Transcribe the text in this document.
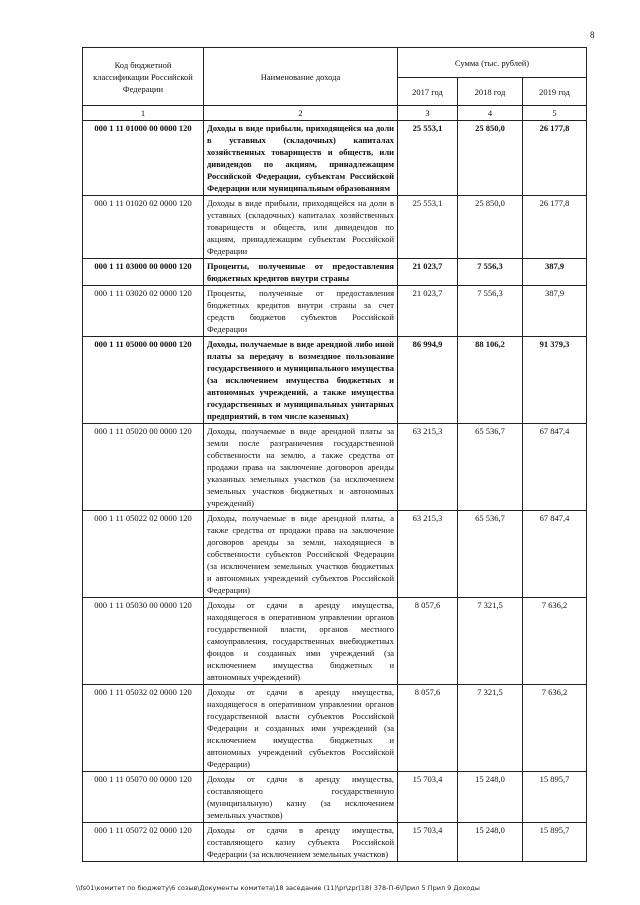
8
Код бюджетной классификации Российской Федерации	Наименование дохода	Сумма (тыс. рублей)		
		2017 год	2018 год	2019 год
1	2	3	4	5
000 1 11 01000 00 0000 120	Доходы в виде прибыли, приходящейся на доли в уставных (складочных) капиталах хозяйственных товариществ и обществ, или дивидендов по акциям, принадлежащим Российской Федерации, субъектам Российской Федерации или муниципальным образованиям	25 553,1	25 850,0	26 177,8
000 1 11 01020 02 0000 120	Доходы в виде прибыли, приходящейся на доли в уставных (складочных) капиталах хозяйственных товариществ и обществ, или дивидендов по акциям, принадлежащим субъектам Российской Федерации	25 553,1	25 850,0	26 177,8
000 1 11 03000 00 0000 120	Проценты, полученные от предоставления бюджетных кредитов внутри страны	21 023,7	7 556,3	387,9
000 1 11 03020 02 0000 120	Проценты, полученные от предоставления бюджетных кредитов внутри страны за счет средств бюджетов субъектов Российской Федерации	21 023,7	7 556,3	387,9
000 1 11 05000 00 0000 120	Доходы, получаемые в виде арендной либо иной платы за передачу в возмездное пользование государственного и муниципального имущества (за исключением имущества бюджетных и автономных учреждений, а также имущества государственных и муниципальных унитарных предприятий, в том числе казенных)	86 994,9	88 106,2	91 379,3
000 1 11 05020 00 0000 120	Доходы, получаемые в виде арендной платы за земли после разграничения государственной собственности на землю, а также средства от продажи права на заключение договоров аренды указанных земельных участков (за исключением земельных участков бюджетных и автономных учреждений)	63 215,3	65 536,7	67 847,4
000 1 11 05022 02 0000 120	Доходы, получаемые в виде арендной платы, а также средства от продажи права на заключение договоров аренды за земли, находящиеся в собственности субъектов Российской Федерации (за исключением земельных участков бюджетных и автономных учреждений субъектов Российской Федерации)	63 215,3	65 536,7	67 847,4
000 1 11 05030 00 0000 120	Доходы от сдачи в аренду имущества, находящегося в оперативном управлении органов государственной власти, органов местного самоуправления, государственных внебюджетных фондов и созданных ими учреждений (за исключением имущества бюджетных и автономных учреждений)	8 057,6	7 321,5	7 636,2
000 1 11 05032 02 0000 120	Доходы от сдачи в аренду имущества, находящегося в оперативном управлении органов государственной власти субъектов Российской Федерации и созданных ими учреждений (за исключением имущества бюджетных и автономных учреждений субъектов Российской Федерации)	8 057,6	7 321,5	7 636,2
000 1 11 05070 00 0000 120	Доходы от сдачи в аренду имущества, составляющего государственную (муниципальную) казну (за исключением земельных участков)	15 703,4	15 248,0	15 895,7
000 1 11 05072 02 0000 120	Доходы от сдачи в аренду имущества, составляющего казну субъекта Российской Федерации (за исключением земельных участков)	15 703,4	15 248,0	15 895,7
\\fs01\комитет по бюджету\6 созыв\Документы комитета\18 заседание (11)\pr\zpr(18) 378-П-6\Прил 5 Прил 9 Доходы
